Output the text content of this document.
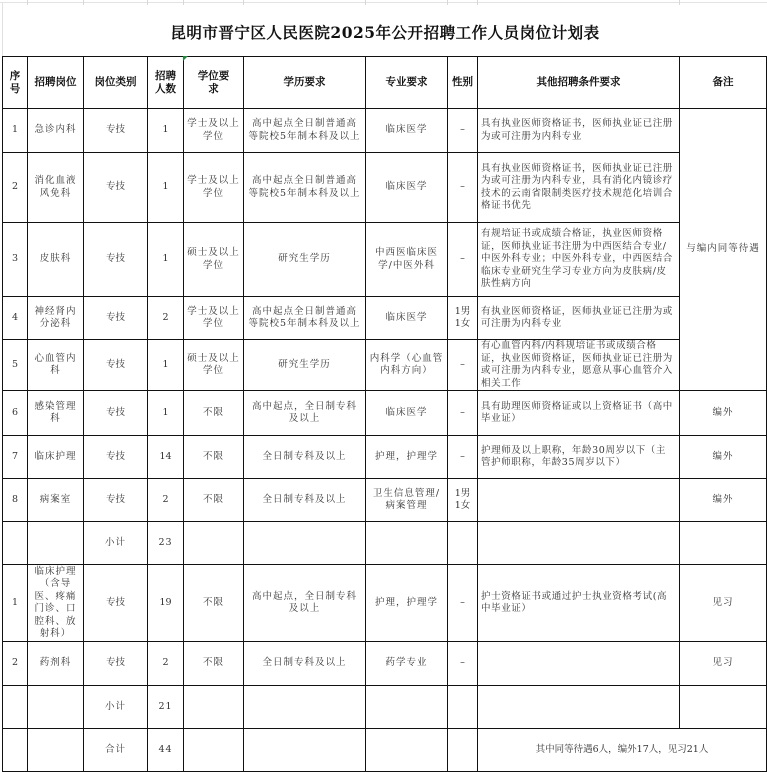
昆明市晋宁区人民医院2025年公开招聘工作人员岗位计划表
序号	招聘岗位	岗位类别	招聘人数	学位要求	学历要求	专业要求	性别	其他招聘条件要求	备注
1	急诊内科	专技	1	学士及以上学位	高中起点全日制普通高等院校5年制本科及以上	临床医学	–	具有执业医师资格证书，医师执业证已注册为或可注册为内科专业	与编内同等待遇
2	消化血液风免科	专技	1	学士及以上学位	高中起点全日制普通高等院校5年制本科及以上	临床医学	–	具有执业医师资格证书，医师执业证已注册为或可注册为内科专业，具有消化内镜诊疗技术的云南省限制类医疗技术规范化培训合格证书优先	
3	皮肤科	专技	1	硕士及以上学位	研究生学历	中西医临床医学/中医外科	–	有规培证书或成绩合格证，执业医师资格证，医师执业证书注册为中西医结合专业/中医外科专业；中医外科专业，中西医结合临床专业研究生学习专业方向为皮肤病/皮肤性病方向	
4	神经肾内分泌科	专技	2	学士及以上学位	高中起点全日制普通高等院校5年制本科及以上	临床医学	1男 1女	有执业医师资格证，医师执业证已注册为或可注册为内科专业	
5	心血管内科	专技	1	硕士及以上学位	研究生学历	内科学（心血管内科方向）	–	有心血管内科/内科规培证书或成绩合格证，执业医师资格证，医师执业证已注册为或可注册为内科专业，愿意从事心血管介入相关工作	
6	感染管理科	专技	1	不限	高中起点，全日制专科及以上	临床医学	–	具有助理医师资格证或以上资格证书（高中毕业证）	编外
7	临床护理	专技	14	不限	全日制专科及以上	护理，护理学	–	护理师及以上职称，年龄30周岁以下（主管护师职称，年龄35周岁以下）	编外
8	病案室	专技	2	不限	全日制专科及以上	卫生信息管理/病案管理	1男 1女		编外
		小计	23						
1	临床护理（含导医、疼痛门诊、口腔科、放射科）	专技	19	不限	高中起点，全日制专科及以上	护理，护理学	–	护士资格证书或通过护士执业资格考试(高中毕业证）	见习
2	药剂科	专技	2	不限	全日制专科及以上	药学专业	–		见习
		小计	21						
		合计	44					其中同等待遇6人，编外17人，见习21人	
